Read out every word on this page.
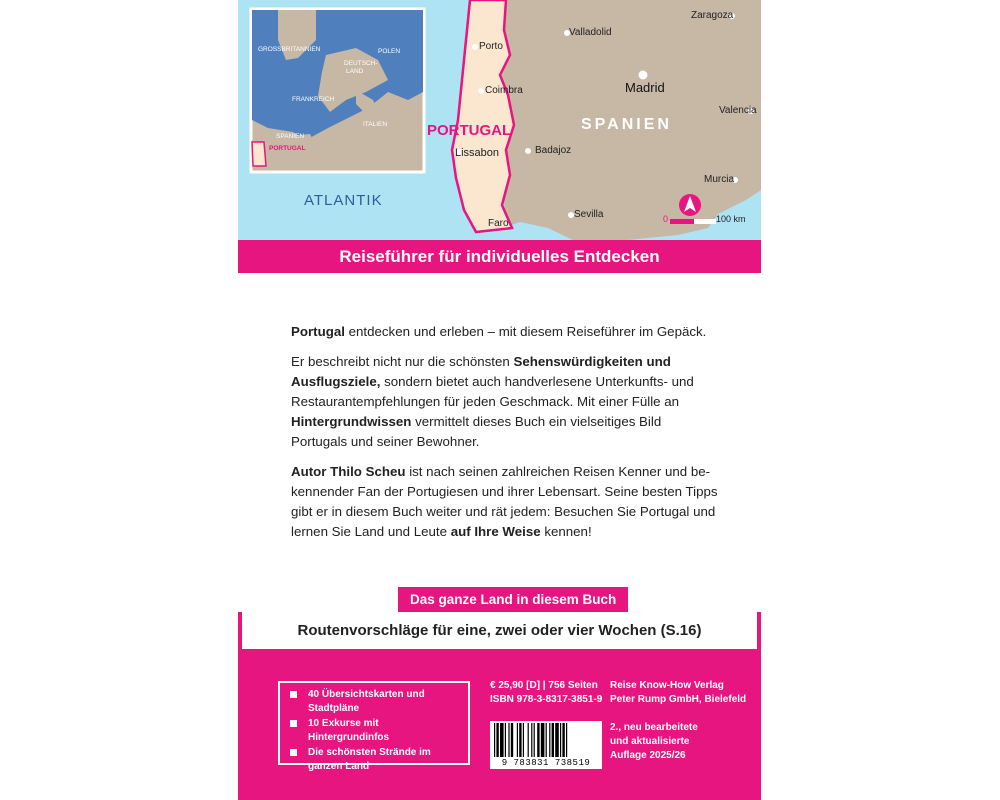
Zaragoza
Valladolid
Porto
Madrid
Coimbra
Valencia
Badajoz
Lissabon
Murcia
Sevilla
Faro
PORTUGAL	SPANIEN
ATLANTIK
0	100 km
GROSSBRITANNIEN	POLEN
DEUTSCH-
LAND
FRANKREICH
ITALIEN
SPANIEN
PORTUGAL
Reiseführer für individuelles Entdecken

Portugal entdecken und erleben – mit diesem Reiseführer im Gepäck.

Er beschreibt nicht nur die schönsten Sehenswürdigkeiten und Ausflugsziele, sondern bietet auch handverlesene Unterkunfts- und Restaurantempfehlungen für jeden Geschmack. Mit einer Fülle an Hintergrundwissen vermittelt dieses Buch ein vielseitiges Bild Portugals und seiner Bewohner.

Autor Thilo Scheu ist nach seinen zahlreichen Reisen Kenner und bekennender Fan der Portugiesen und ihrer Lebensart. Seine besten Tipps gibt er in diesem Buch weiter und rät jedem: Besuchen Sie Portugal und lernen Sie Land und Leute auf Ihre Weise kennen!

Das ganze Land in diesem Buch
Routenvorschläge für eine, zwei oder vier Wochen (S.16)
40 Übersichtskarten und Stadtpläne
10 Exkurse mit Hintergrundinfos
Die schönsten Strände im ganzen Land
€ 25,90 [D] | 756 Seiten
ISBN 978-3-8317-3851-9
Reise Know-How Verlag
Peter Rump GmbH, Bielefeld
9 783831 738519
2., neu bearbeitete
und aktualisierte
Auflage 2025/26
